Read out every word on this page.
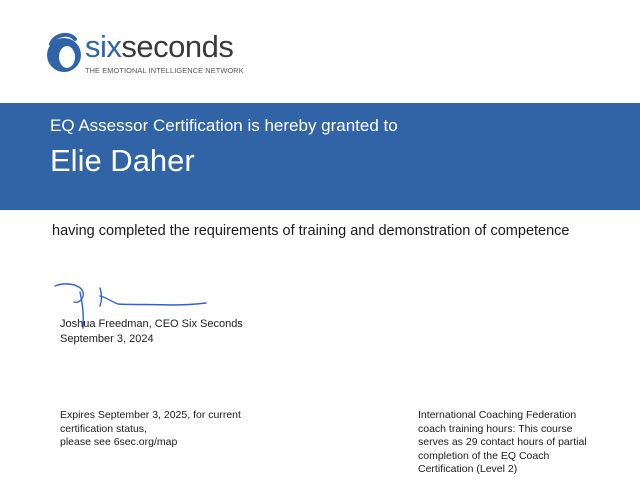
sixseconds
THE EMOTIONAL INTELLIGENCE NETWORK
EQ Assessor Certification is hereby granted to
Elie Daher
having completed the requirements of training and demonstration of competence
Joshua Freedman, CEO Six Seconds
September 3, 2024
Expires September 3, 2025, for current
certification status,
please see 6sec.org/map
International Coaching Federation
coach training hours: This course
serves as 29 contact hours of partial
completion of the EQ Coach
Certification (Level 2)
